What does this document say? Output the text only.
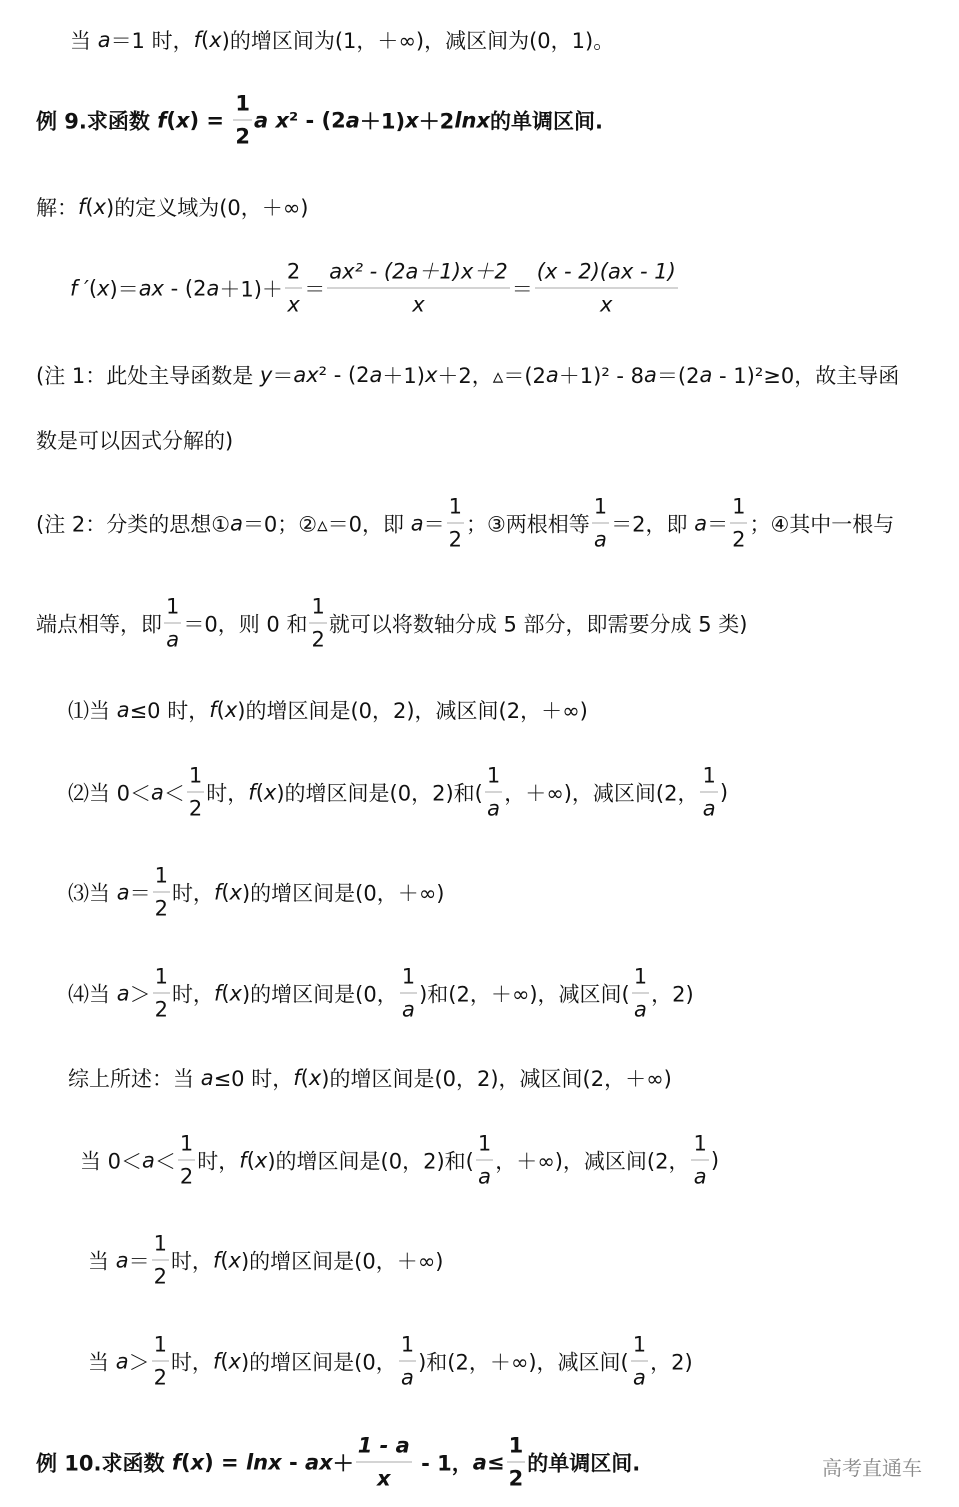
高考直通车
当 a ＝1 时， f ( x )的增区间为(1，＋∞)，减区间为(0，1)。
例 9.求函数 f ( x ) = $\frac{1}{2}$ a
x ² - (2 a ＋1) x ＋2 lnx 的单调区间.
解： f ( x )的定义域为(0，＋∞)
f ′ ( x )＝ ax - (2 $a +1)+ \frac{2}{x} = \frac{\text{ax² - (2a＋1)x＋2}}{x} = \frac{(x - 2)(ax - 1)}{x}$
(注 1：此处主导函数是 y ＝ ax ² - (2 a ＋1) x ＋2，▵＝(2 a ＋1)² - 8 a ＝(2 a - 1)²≥0，故主导函
数是可以因式分解的)
(注 2：分类的思想① a ＝0；②▵＝0，即 $a = \frac{1}{2}$ ；③两根相等 $\frac{1}{a} =2$，即 $a = \frac{1}{2}$ ；④其中一根与
端点相等，即 $\frac{1}{a} =0$，则 0 和 $\frac{1}{2}$ 就可以将数轴分成 5 部分，即需要分成 5 类)
⑴当 a ≤0 时， f ( x )的增区间是(0，2)，减区间(2，＋∞)
⑵当 $0< a < \frac{1}{2}$ 时， f ( x )的增区间是(0，2)和( $\frac{1}{a}$ ，＋∞)，减区间(2， $\frac{1}{a}$ )
⑶当 $a = \frac{1}{2}$ 时， f ( x )的增区间是(0，＋∞)
⑷当 $a > \frac{1}{2}$ 时， f ( x )的增区间是(0， $\frac{1}{a}$ )和(2，＋∞)，减区间( $\frac{1}{a}$ ，2)
综上所述：当 a ≤0 时， f ( x )的增区间是(0，2)，减区间(2，＋∞)
当 $0< a < \frac{1}{2}$ 时， f ( x )的增区间是(0，2)和( $\frac{1}{a}$ ，＋∞)，减区间(2， $\frac{1}{a}$ )
当 $a = \frac{1}{2}$ 时， f ( x )的增区间是(0，＋∞)
当 $a > \frac{1}{2}$ 时， f ( x )的增区间是(0， $\frac{1}{a}$ )和(2，＋∞)，减区间( $\frac{1}{a}$ ，2)
例 10.求函数 f ( x ) = lnx - ax ＋ $\frac{1 - a}{x} - 1$， $a \le \frac{1}{2}$ 的单调区间.
